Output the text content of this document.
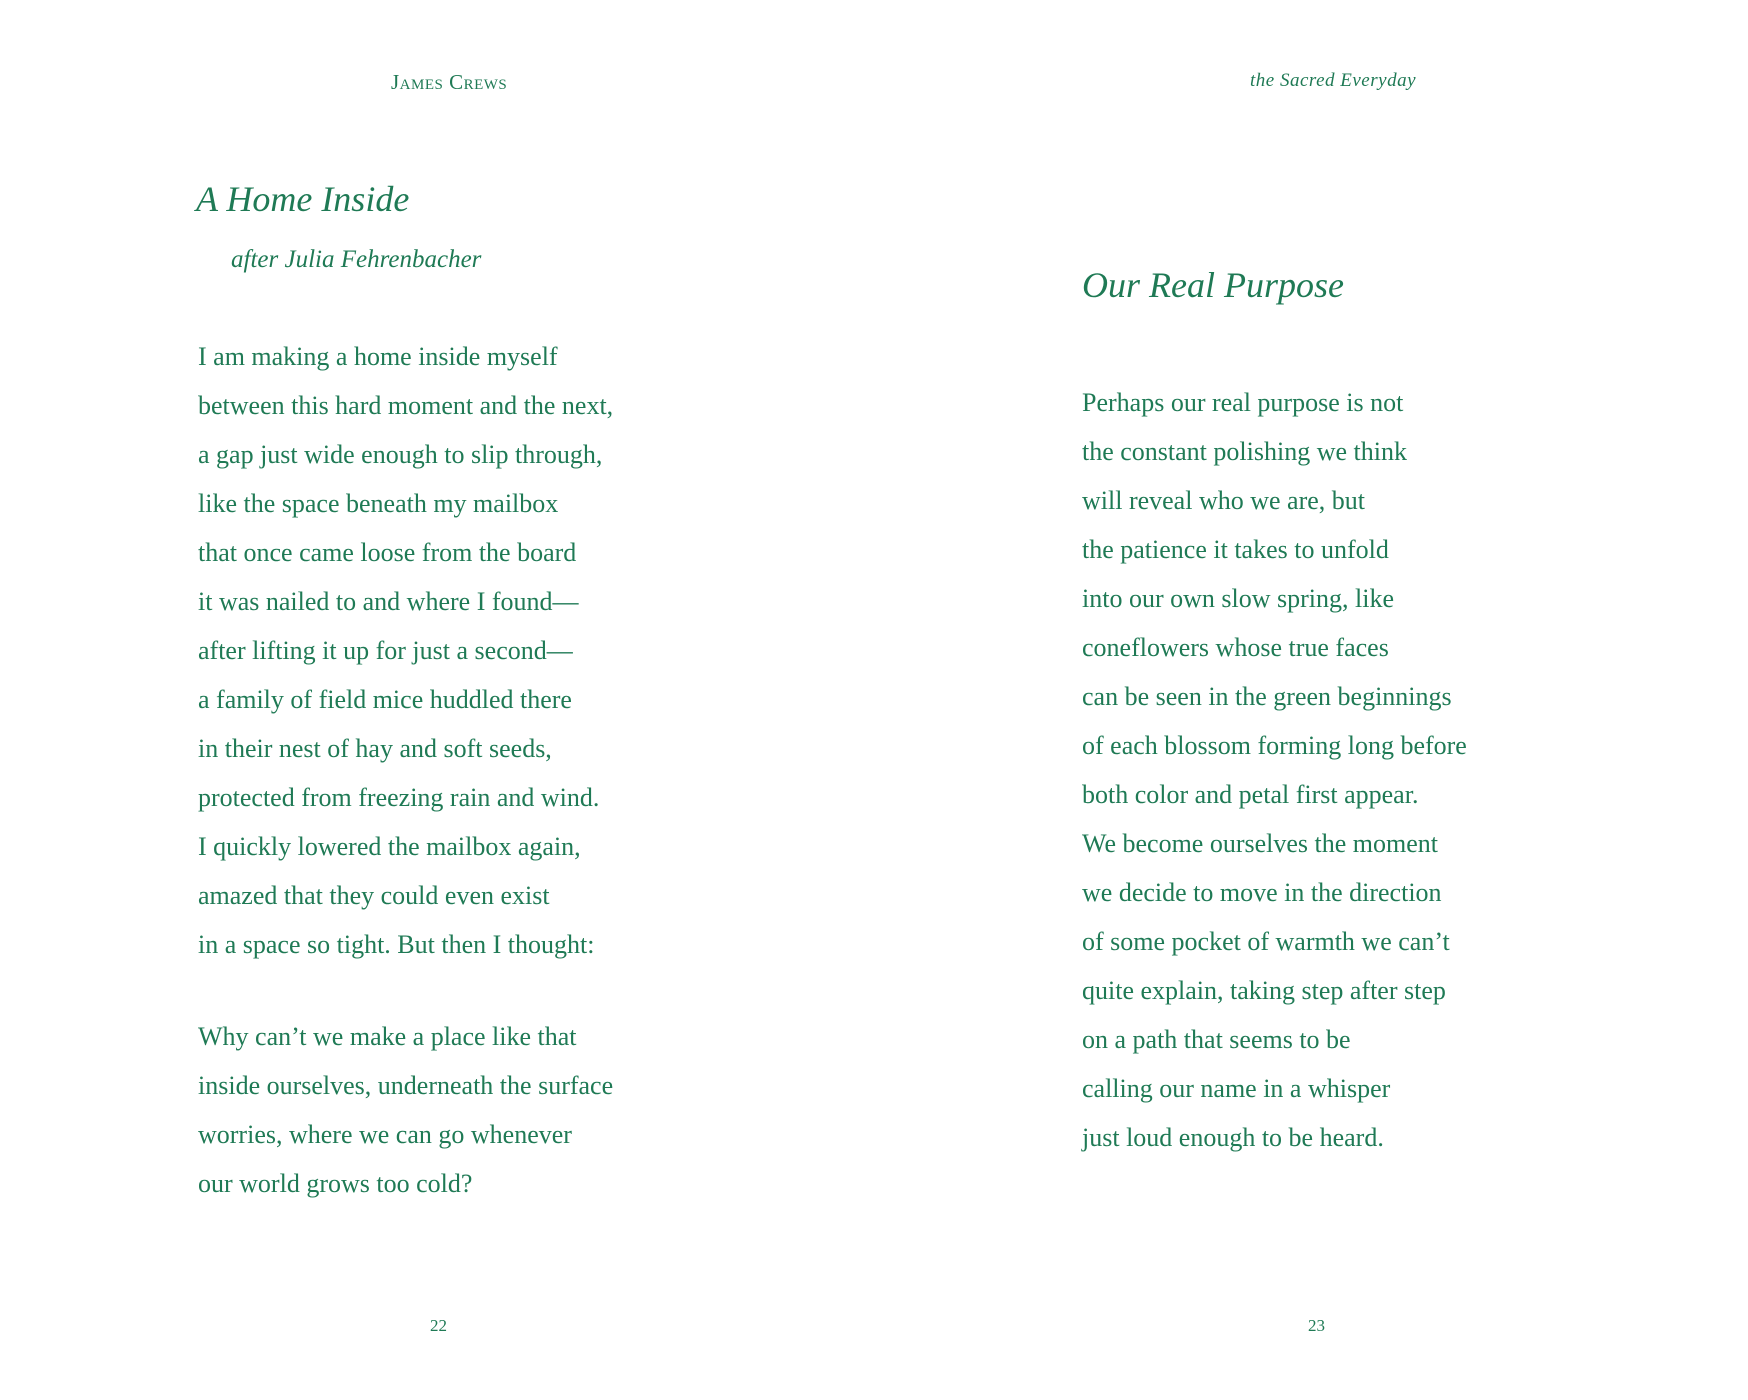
James Crews
A Home Inside
after Julia Fehrenbacher
I am making a home inside myself
between this hard moment and the next,
a gap just wide enough to slip through,
like the space beneath my mailbox
that once came loose from the board
it was nailed to and where I found—
after lifting it up for just a second—
a family of field mice huddled there
in their nest of hay and soft seeds,
protected from freezing rain and wind.
I quickly lowered the mailbox again,
amazed that they could even exist
in a space so tight. But then I thought:
Why can’t we make a place like that
inside ourselves, underneath the surface
worries, where we can go whenever
our world grows too cold?
22
the Sacred Everyday
Our Real Purpose
Perhaps our real purpose is not
the constant polishing we think
will reveal who we are, but
the patience it takes to unfold
into our own slow spring, like
coneflowers whose true faces
can be seen in the green beginnings
of each blossom forming long before
both color and petal first appear.
We become ourselves the moment
we decide to move in the direction
of some pocket of warmth we can’t
quite explain, taking step after step
on a path that seems to be
calling our name in a whisper
just loud enough to be heard.
23
